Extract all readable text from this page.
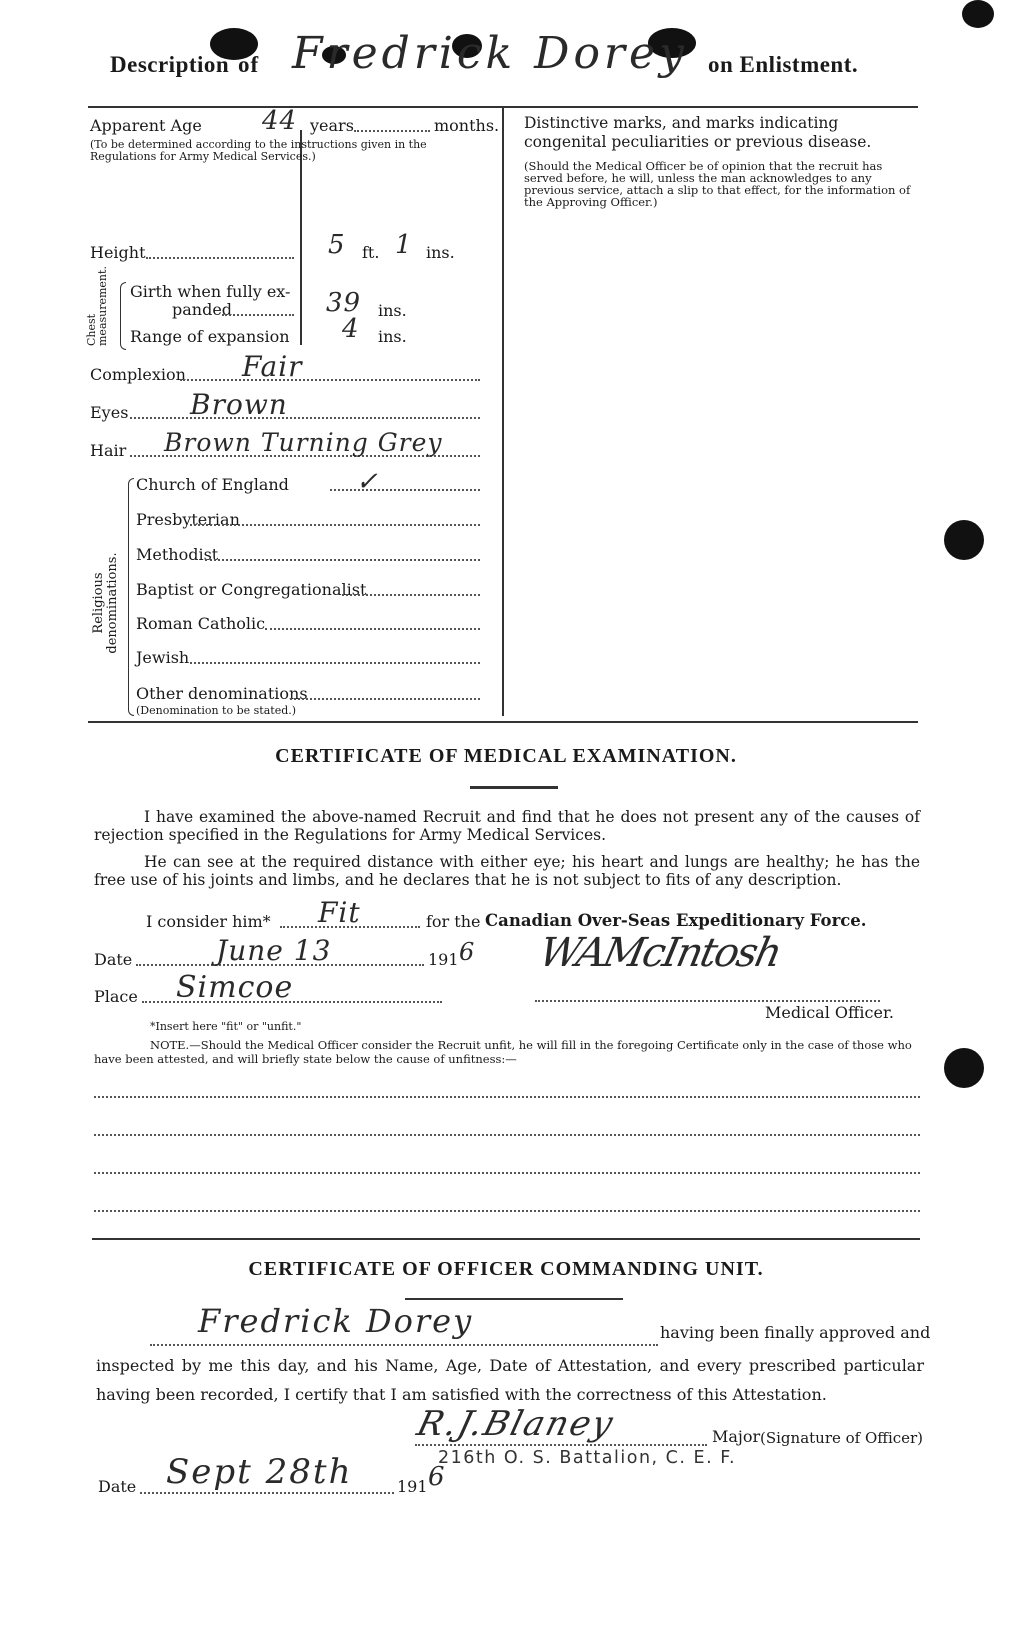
Description of Fredrick Dorey on Enlistment.
Apparent Age 44 years	months.
(To be determined according to the instructions given in the Regulations for Army Medical Services.)
Height	5 ft. 1 ins.
Chest measurement. Girth when fully ex-
panded	39 ins.
Range of expansion 4 ins.
Complexion Fair
Eyes Brown
Hair Brown Turning Grey
Religious denominations.
Church of England	✓
Presbyterian
Methodist
Baptist or Congregationalist
Roman Catholic
Jewish
Other denominations
(Denomination to be stated.)
Distinctive marks, and marks indicating congenital peculiarities or previous disease.
(Should the Medical Officer be of opinion that the recruit has served before, he will, unless the man acknowledges to any previous service, attach a slip to that effect, for the information of the Approving Officer.)
CERTIFICATE OF MEDICAL EXAMINATION.

I have examined the above-named Recruit and find that he does not present any of the causes of rejection specified in the Regulations for Army Medical Services.

He can see at the required distance with either eye; his heart and lungs are healthy; he has the free use of his joints and limbs, and he declares that he is not subject to fits of any description.

I consider him* Fit	for the Canadian Over-Seas Expeditionary Force.
Date	June 13	191 6
Place Simcoe
WAMcIntosh
Medical Officer.
*Insert here "fit" or "unfit."
NOTE.—Should the Medical Officer consider the Recruit unfit, he will fill in the foregoing Certificate only in the case of those who have been attested, and will briefly state below the cause of unfitness:—
CERTIFICATE OF OFFICER COMMANDING UNIT.
Fredrick Dorey	having been finally approved and

inspected by me this day, and his Name, Age, Date of Attestation, and every prescribed particular having been recorded, I certify that I am satisfied with the correctness of this Attestation.

R.J.Blaney	Major (Signature of Officer)
216th O. S. Battalion, C. E. F.
Date Sept 28th	191 6
